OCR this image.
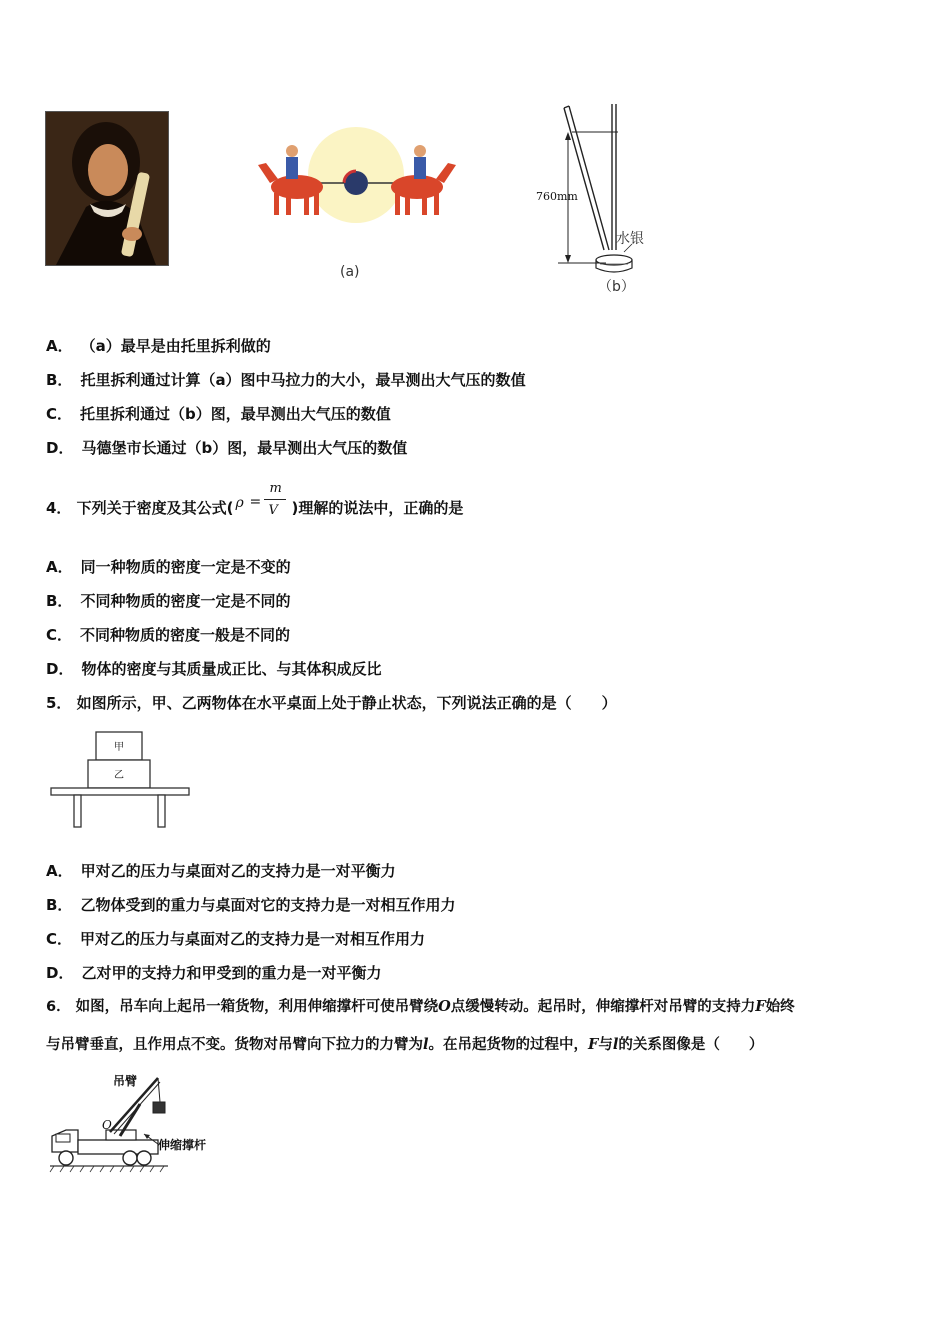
(a)
760mm
水银
（b）
A． （a）最早是由托里拆利做的
B． 托里拆利通过计算（a）图中马拉力的大小，最早测出大气压的数值
C． 托里拆利通过（b）图，最早测出大气压的数值
D． 马德堡市长通过（b）图，最早测出大气压的数值
4． 下列关于密度及其公式( ρ =
m
V )理解的说法中，正确的是
A． 同一种物质的密度一定是不变的
B． 不同种物质的密度一定是不同的
C． 不同种物质的密度一般是不同的
D． 物体的密度与其质量成正比、与其体积成反比
5． 如图所示，甲、乙两物体在水平桌面上处于静止状态，下列说法正确的是（　　）
甲
乙
A． 甲对乙的压力与桌面对乙的支持力是一对平衡力
B． 乙物体受到的重力与桌面对它的支持力是一对相互作用力
C． 甲对乙的压力与桌面对乙的支持力是一对相互作用力
D． 乙对甲的支持力和甲受到的重力是一对平衡力
6． 如图，吊车向上起吊一箱货物，利用伸缩撑杆可使吊臂绕O点缓慢转动。起吊时，伸缩撑杆对吊臂的支持力F始终
与吊臂垂直，且作用点不变。货物对吊臂向下拉力的力臂为l。在吊起货物的过程中，F与l的关系图像是（　　）
吊臂
O
伸缩撑杆
